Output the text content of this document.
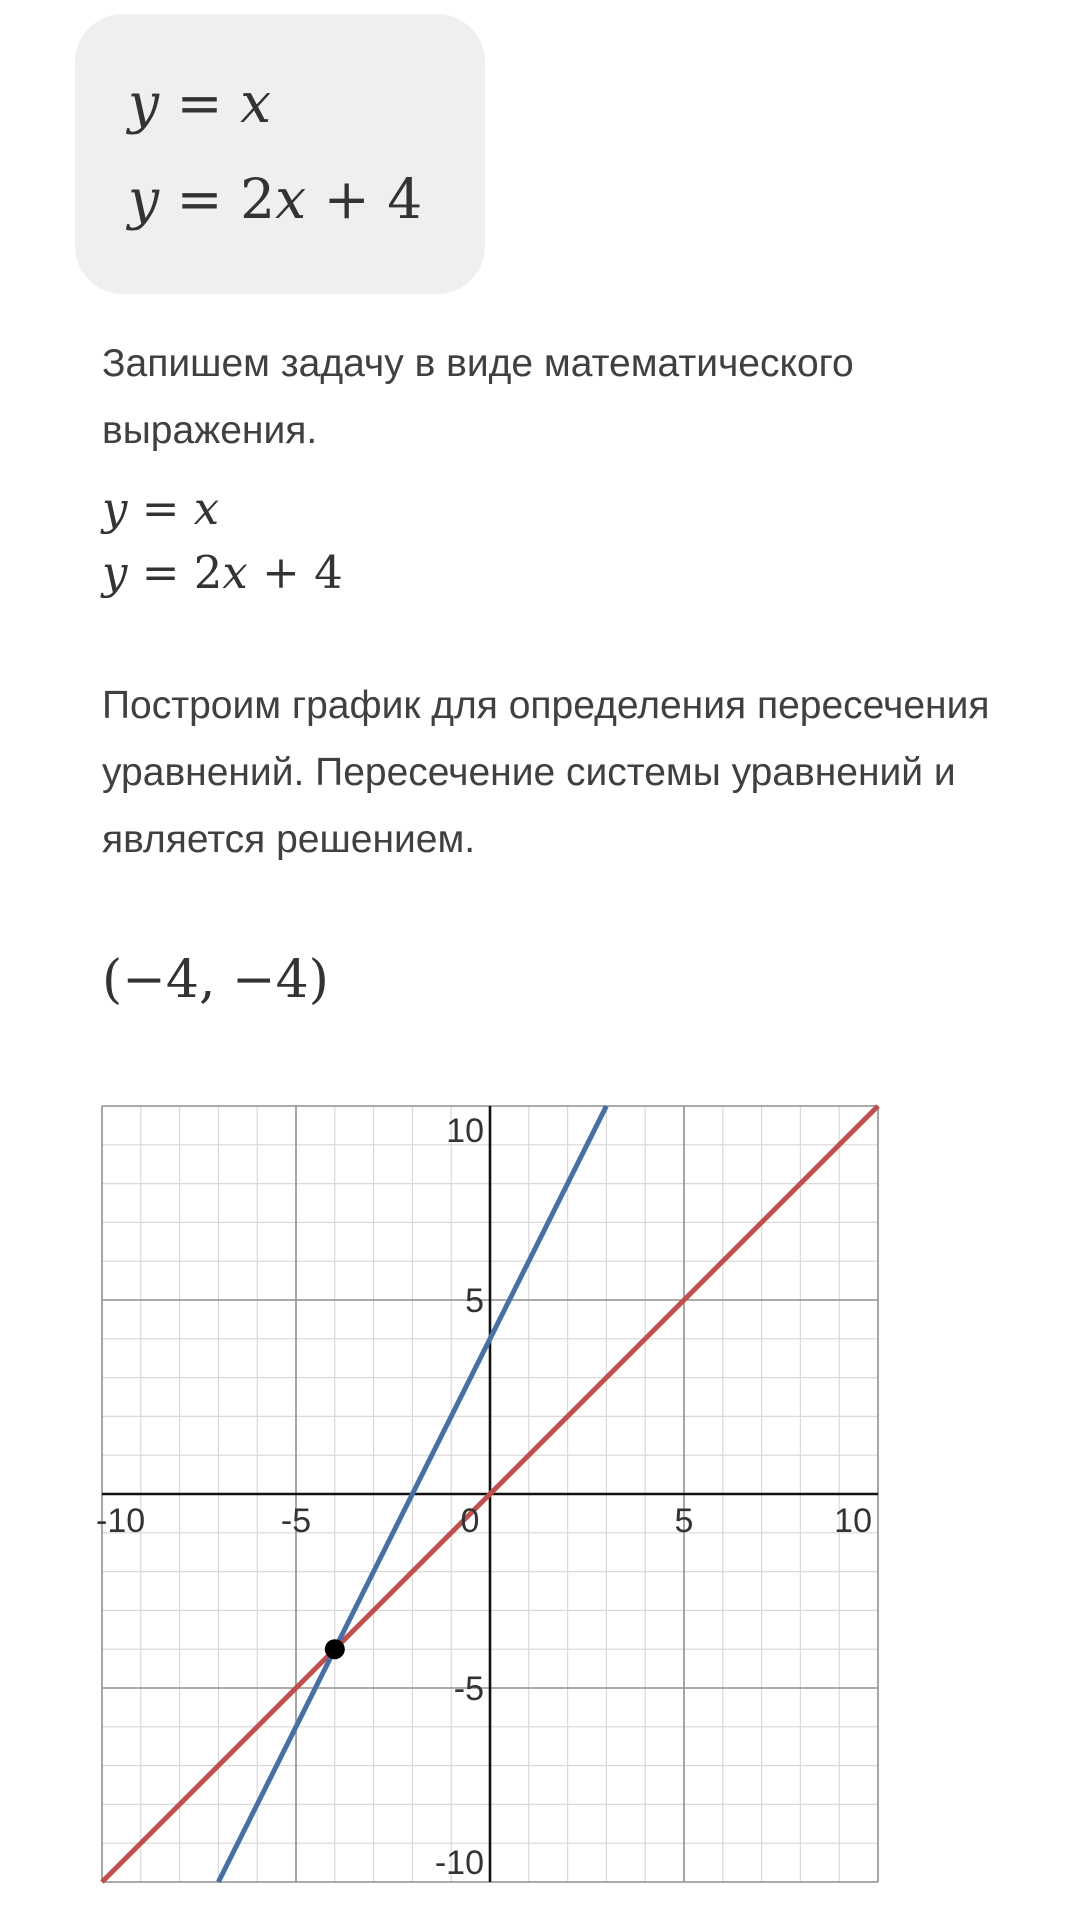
y = x
y = 2x + 4

Запишем задачу в виде математического выражения.

y = x
y = 2x + 4

Построим график для определения пересечения уравнений. Пересечение системы уравнений и является решением.

(−4, −4)
-10	-5	0	5	10
10
5
-5
-10
